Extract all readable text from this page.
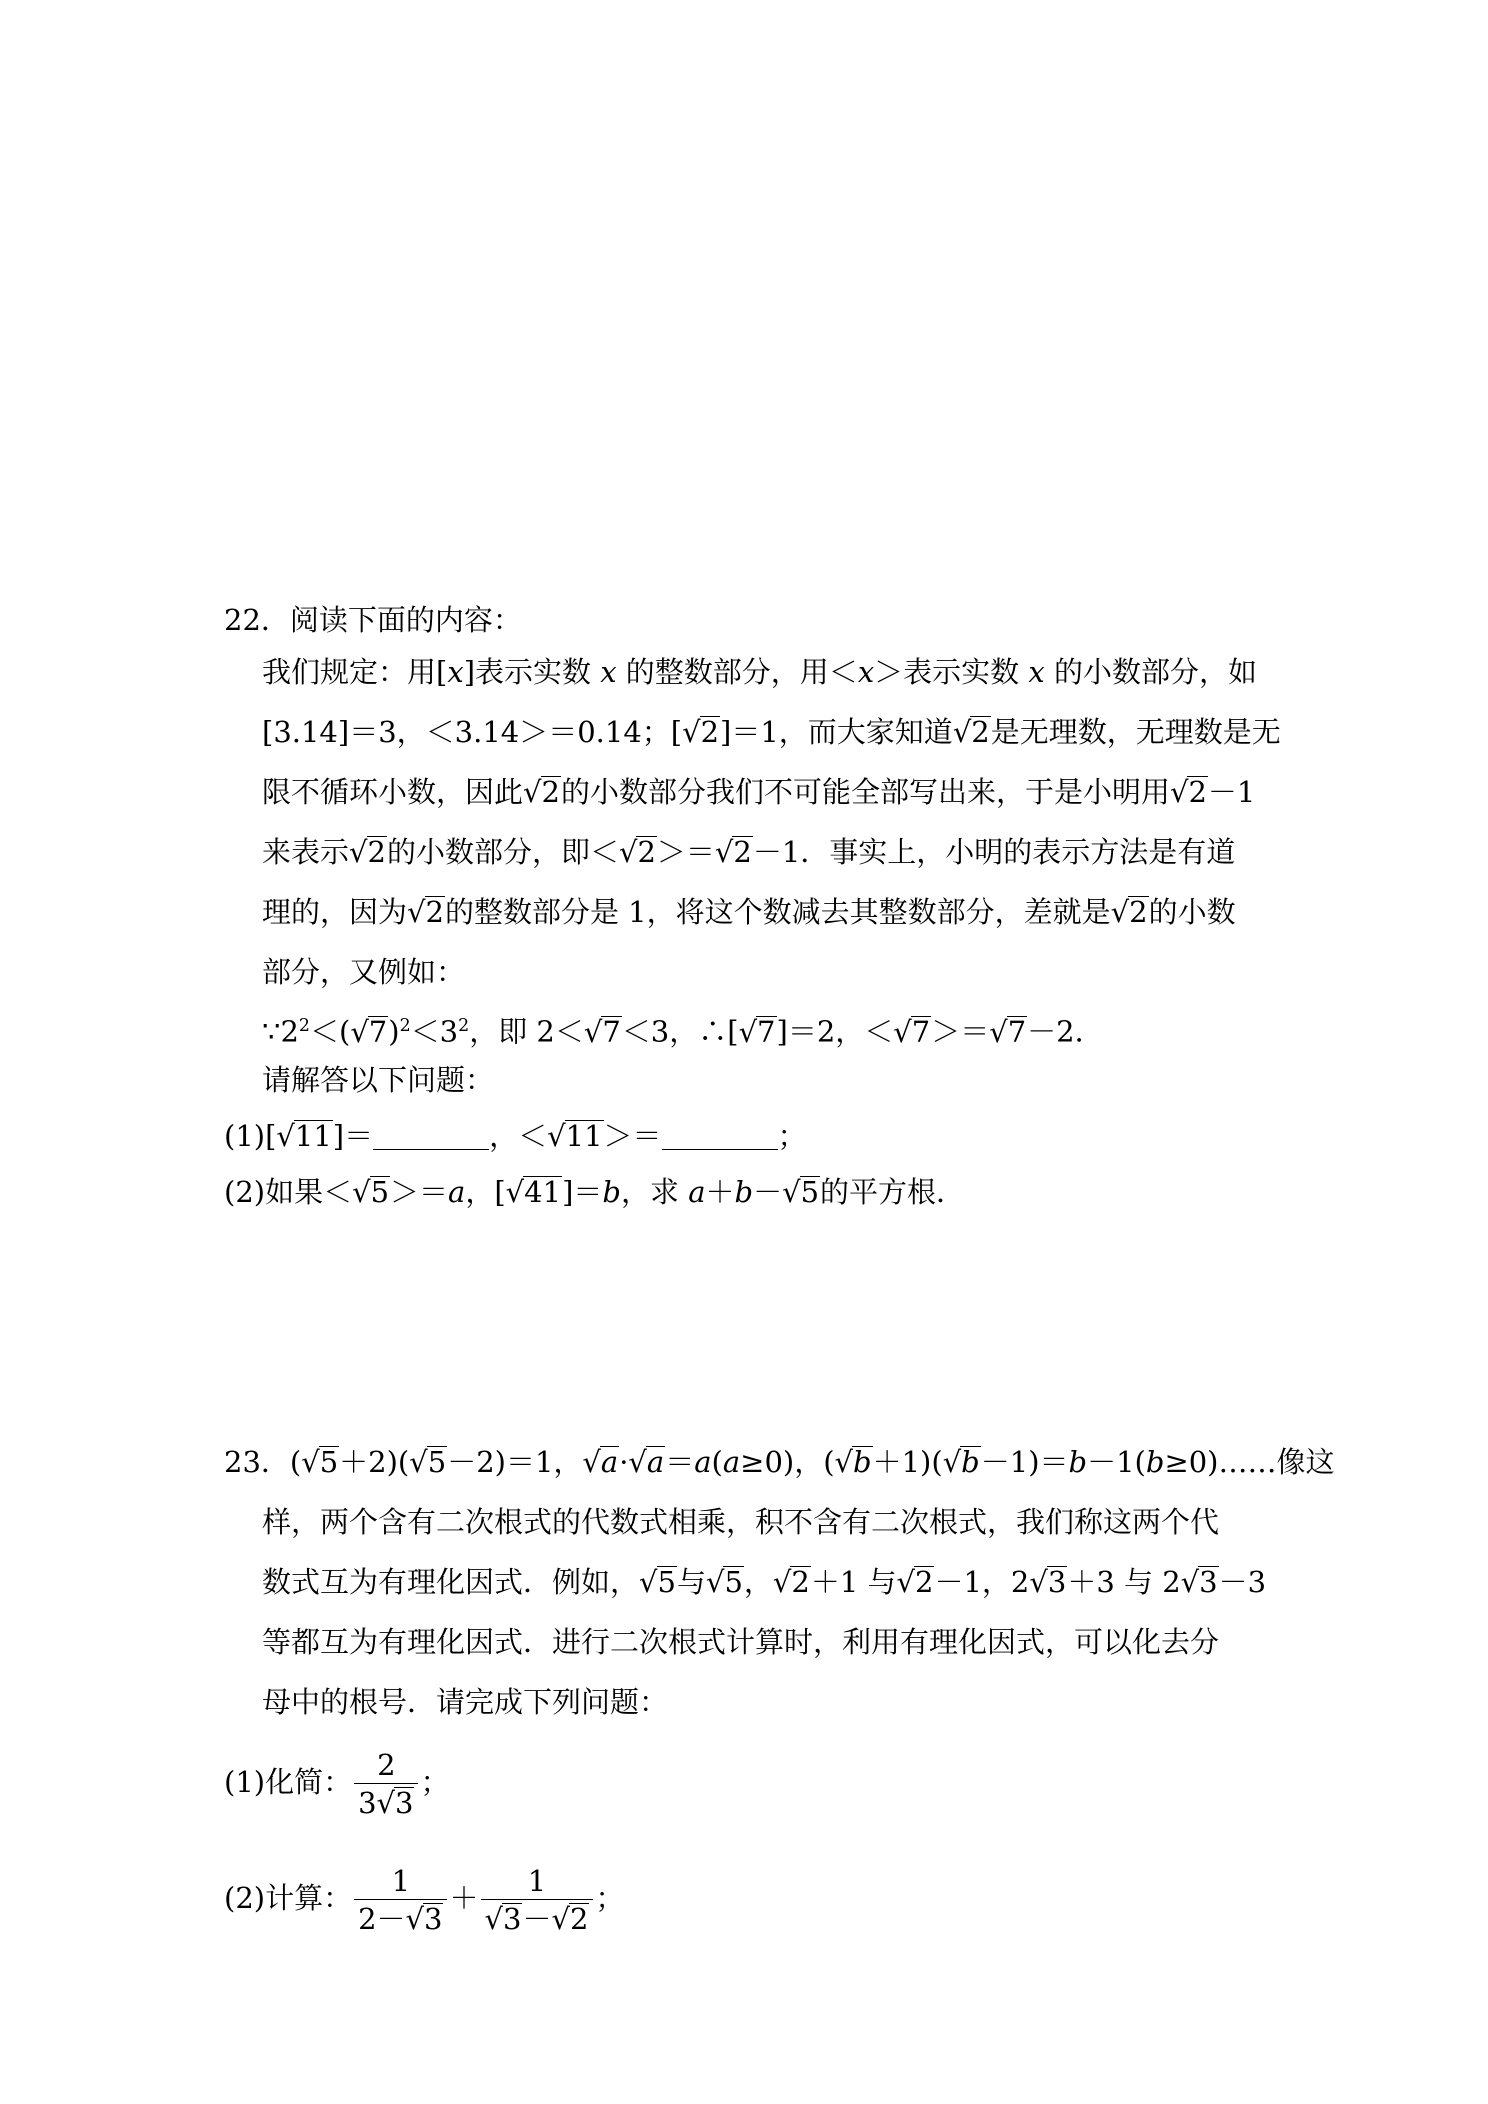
22．阅读下面的内容：
我们规定：用[x]表示实数 x 的整数部分，用＜x＞表示实数 x 的小数部分，如
[3.14]＝3，＜3.14＞＝0.14；[√2]＝1，而大家知道√2是无理数，无理数是无
限不循环小数，因此√2的小数部分我们不可能全部写出来，于是小明用√2－1
来表示√2的小数部分，即＜√2＞＝√2－1．事实上，小明的表示方法是有道
理的，因为√2的整数部分是 1，将这个数减去其整数部分，差就是√2的小数
部分，又例如：
$\because 2^2<(√7)^2<3^2$，即 2＜√7＜3，∴[√7]＝2，＜√7＞＝√7－2．
请解答以下问题：
(1)[√11]＝	，＜√11＞＝	；
(2)如果＜√5＞＝a，[√41]＝b，求 a＋b－√5的平方根．
23．(√5＋2)(√5－2)＝1，√a·√a＝a(a≥0)，(√b＋1)(√b－1)＝b－1(b≥0)……像这
样，两个含有二次根式的代数式相乘，积不含有二次根式，我们称这两个代
数式互为有理化因式．例如，√5与√5，√2＋1 与√2－1，2√3＋3 与 2√3－3
等都互为有理化因式．进行二次根式计算时，利用有理化因式，可以化去分
母中的根号．请完成下列问题：
(1)化简： $\frac{2}{3√3}$ ；
(2)计算： $\frac{1}{2-√3} + \frac{1}{√3-√2}$ ；
